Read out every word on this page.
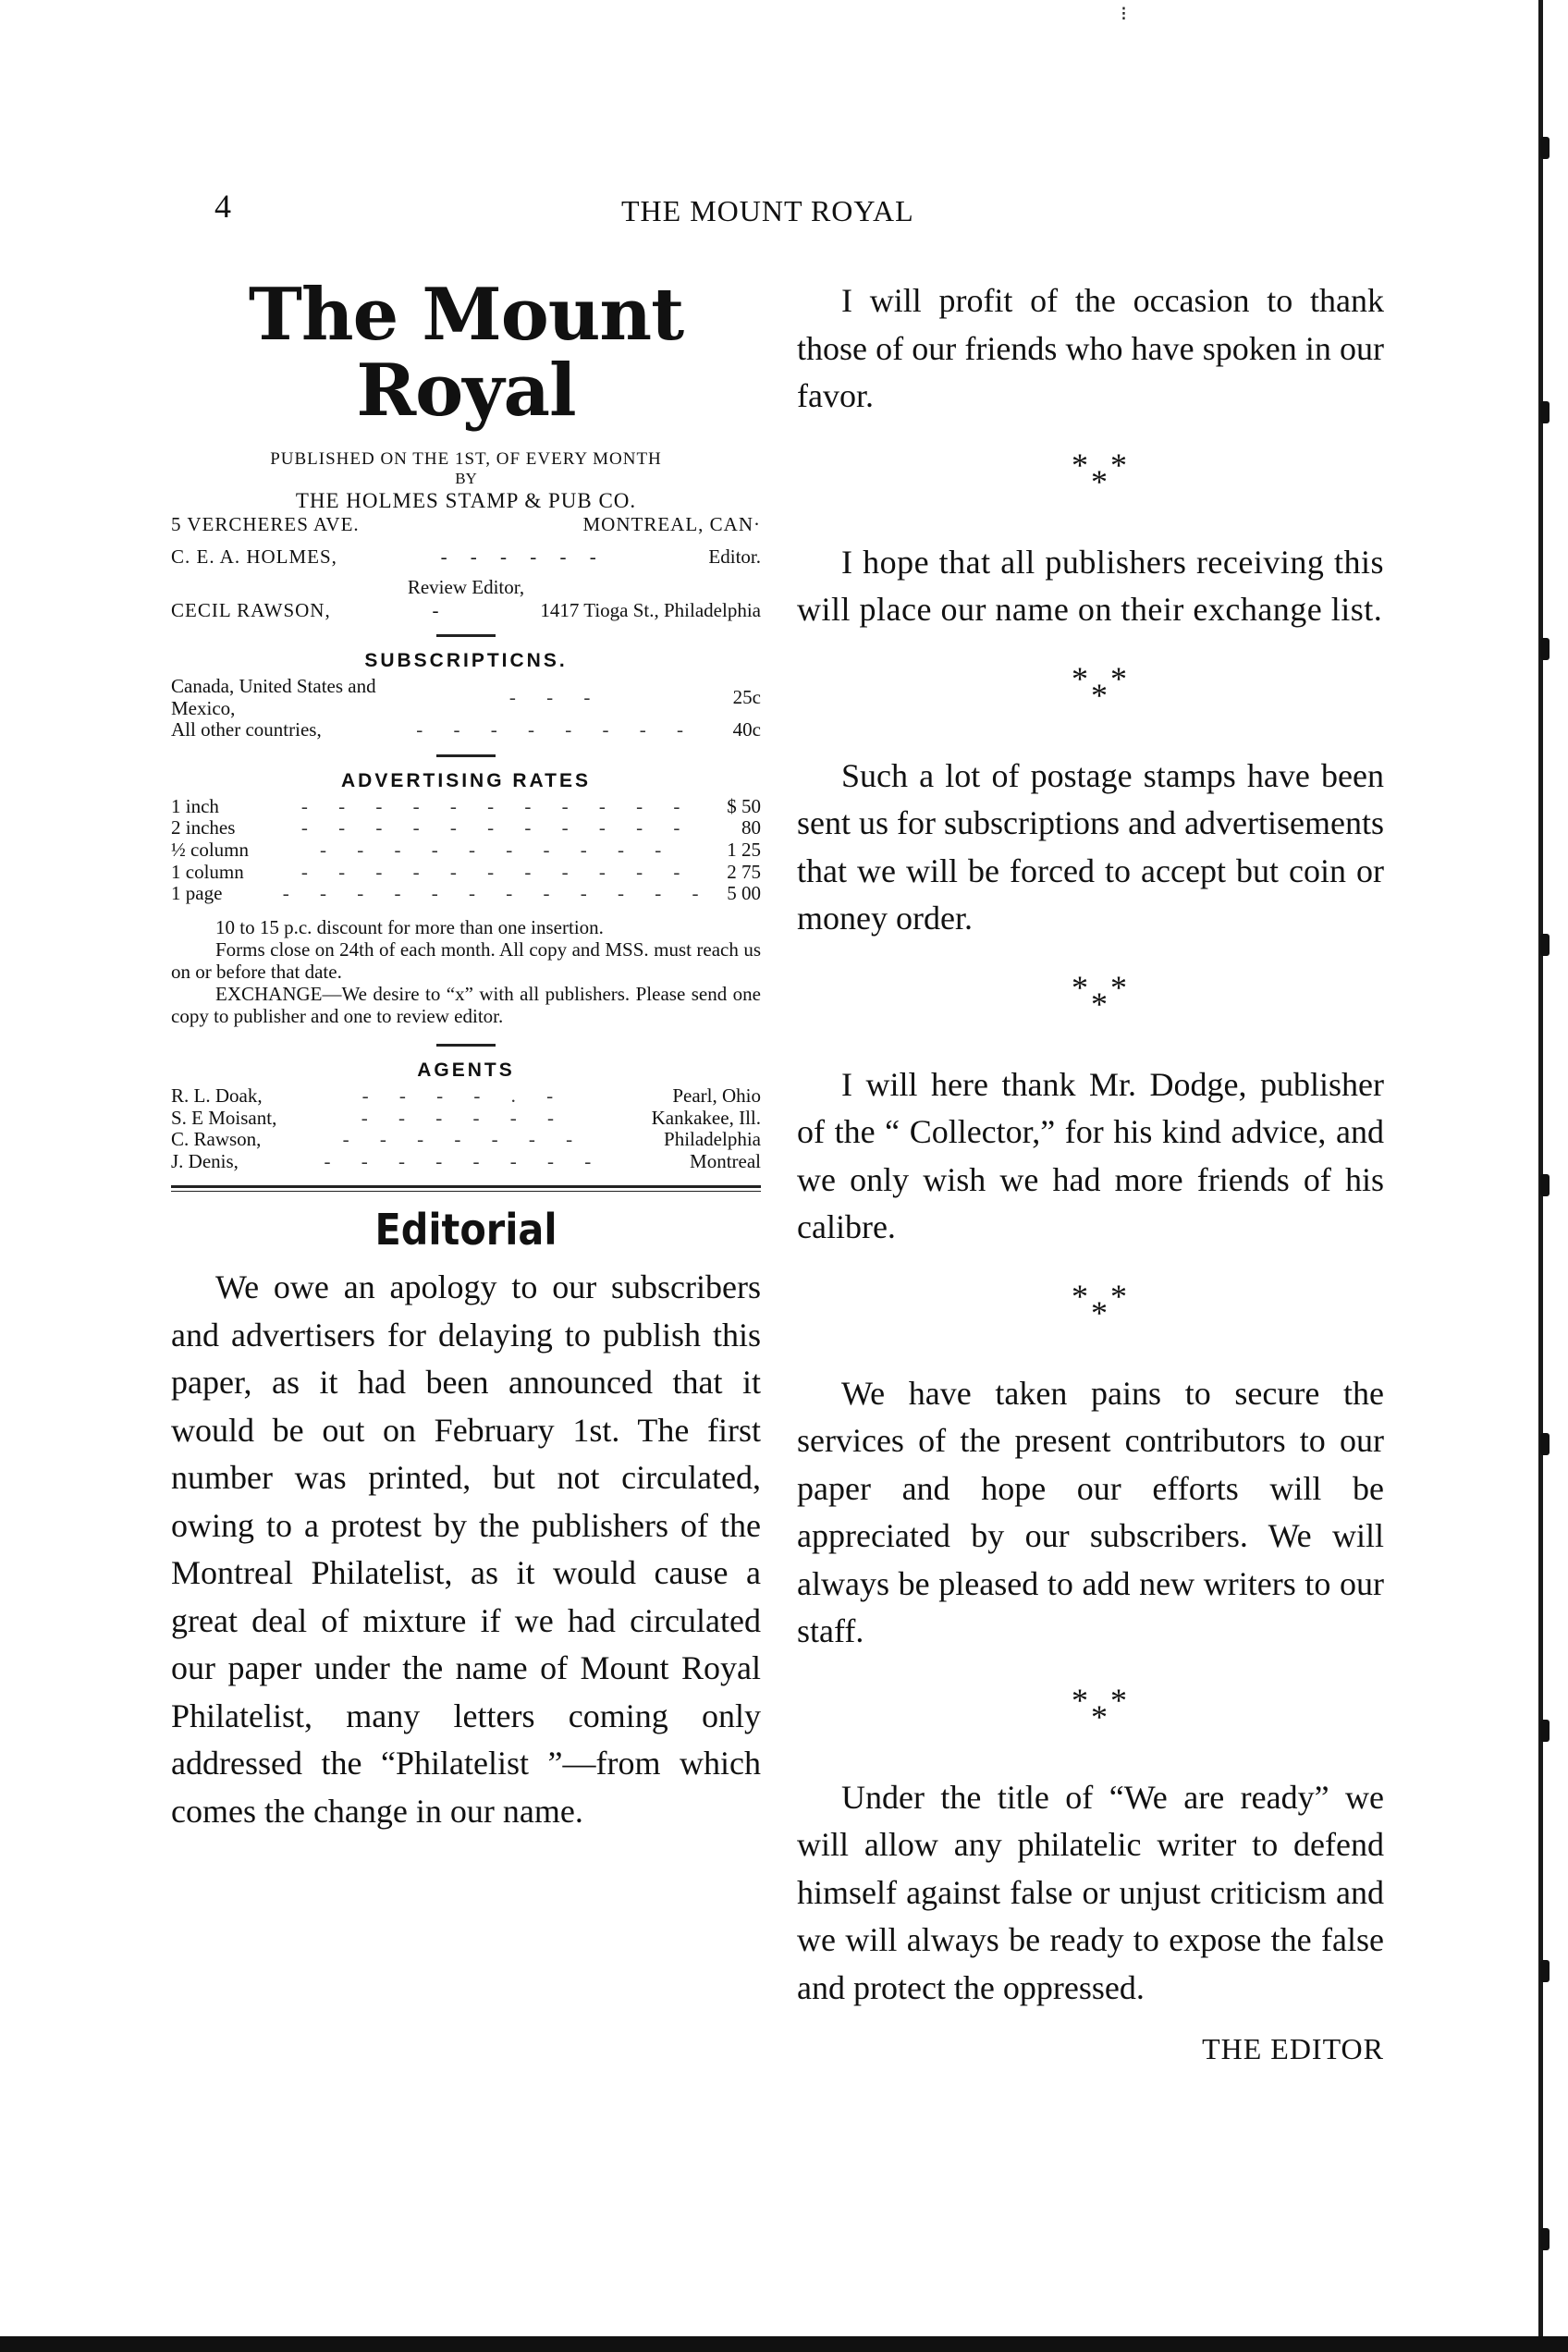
⁝
4	THE MOUNT ROYAL
The Mount Royal
PUBLISHED ON THE 1ST, OF EVERY MONTH
BY
THE HOLMES STAMP & PUB CO.
5 VERCHERES AVE.	MONTREAL, CAN·
C. E. A. HOLMES,	- - - - - -	Editor.
Review Editor,
CECIL RAWSON,	-	1417 Tioga St., Philadelphia
SUBSCRIPTICNS.
Canada, United States and Mexico,	- - -	25c
All other countries,	- - - - - - - -	40c
ADVERTISING RATES
1 inch	- - - - - - - - - - -	$ 50
2 inches	- - - - - - - - - - -	80
½ column	- - - - - - - - - -	1 25
1 column	- - - - - - - - - - -	2 75
1 page	- - - - - - - - - - - -	5 00
10 to 15 p.c. discount for more than one insertion.
Forms close on 24th of each month. All copy and MSS. must reach us on or before that date.
EXCHANGE—We desire to “x” with all publishers. Please send one copy to publisher and one to review editor.
AGENTS
R. L. Doak,	- - - - . -	Pearl, Ohio
S. E Moisant,	- - - - - -	Kankakee, Ill.
C. Rawson,	- - - - - - -	Philadelphia
J. Denis,	- - - - - - - -	Montreal
Editorial
We owe an apology to our subscribers and advertisers for delaying to publish this paper, as it had been announced that it would be out on February 1st. The first number was printed, but not circulated, owing to a protest by the publishers of the Montreal Philatelist, as it would cause a great deal of mixture if we had circulated our paper under the name of Mount Royal Philatelist, many letters coming only addressed the “Philatelist ”—from which comes the change in our name.
I will profit of the occasion to thank those of our friends who have spoken in our favor.
* * *
I hope that all publishers receiving this will place our name on their exchange list.
* * *
Such a lot of postage stamps have been sent us for subscriptions and advertisements that we will be forced to accept but coin or money order.
* * *
I will here thank Mr. Dodge, publisher of the “ Collector,” for his kind advice, and we only wish we had more friends of his calibre.
* * *
We have taken pains to secure the services of the present contributors to our paper and hope our efforts will be appreciated by our subscribers. We will always be pleased to add new writers to our staff.
* * *
Under the title of “We are ready” we will allow any philatelic writer to defend himself against false or unjust criticism and we will always be ready to expose the false and protect the oppressed.
THE EDITOR
